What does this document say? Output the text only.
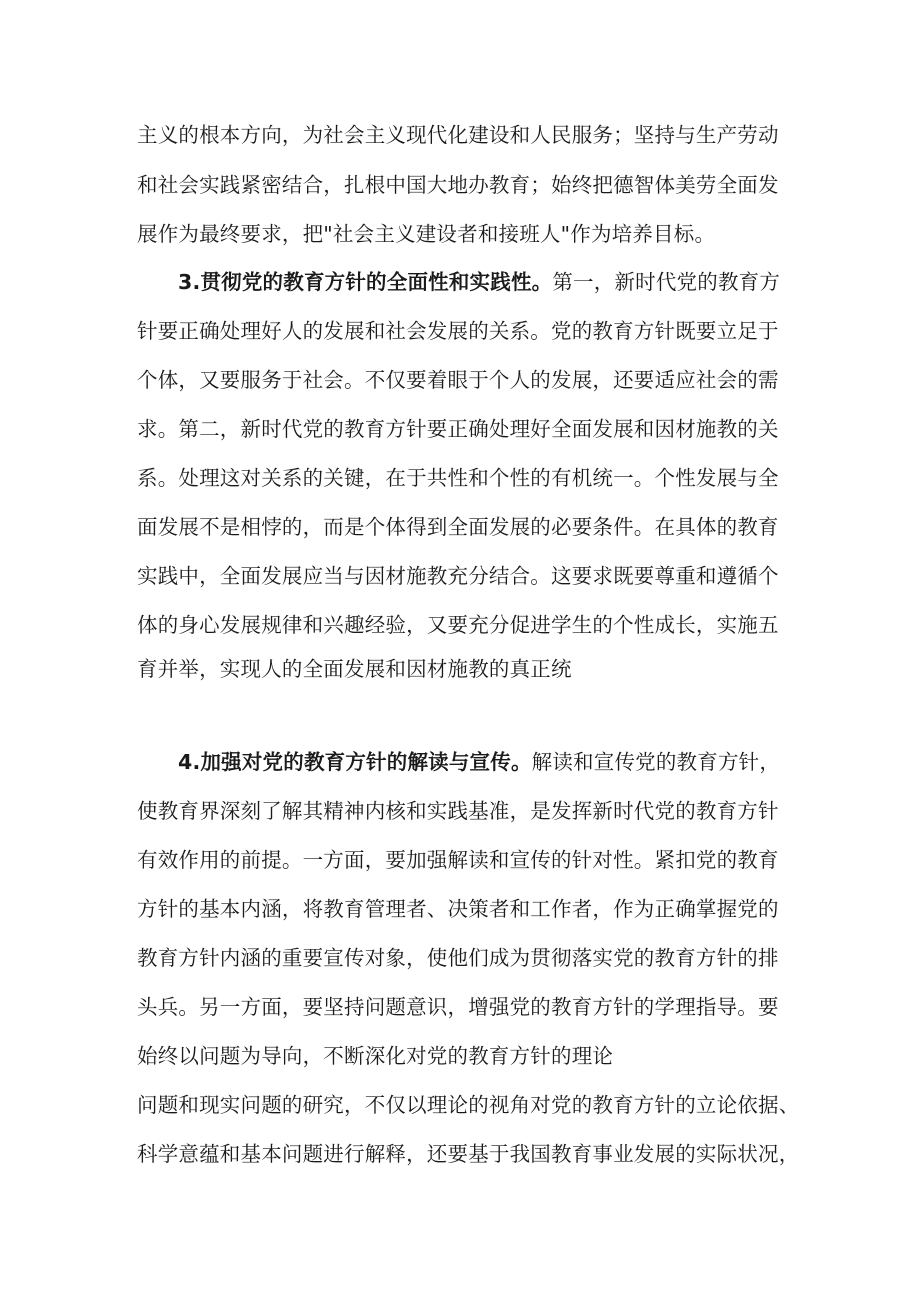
主义的根本方向，为社会主义现代化建设和人民服务；坚持与生产劳动
和社会实践紧密结合，扎根中国大地办教育；始终把德智体美劳全面发
展作为最终要求，把"社会主义建设者和接班人"作为培养目标。
3.贯彻党的教育方针的全面性和实践性。第一，新时代党的教育方
针要正确处理好人的发展和社会发展的关系。党的教育方针既要立足于
个体，又要服务于社会。不仅要着眼于个人的发展，还要适应社会的需
求。第二，新时代党的教育方针要正确处理好全面发展和因材施教的关
系。处理这对关系的关键，在于共性和个性的有机统一。个性发展与全
面发展不是相悖的，而是个体得到全面发展的必要条件。在具体的教育
实践中，全面发展应当与因材施教充分结合。这要求既要尊重和遵循个
体的身心发展规律和兴趣经验，又要充分促进学生的个性成长，实施五
育并举，实现人的全面发展和因材施教的真正统
4.加强对党的教育方针的解读与宣传。解读和宣传党的教育方针，
使教育界深刻了解其精神内核和实践基准，是发挥新时代党的教育方针
有效作用的前提。一方面，要加强解读和宣传的针对性。紧扣党的教育
方针的基本内涵，将教育管理者、决策者和工作者，作为正确掌握党的
教育方针内涵的重要宣传对象，使他们成为贯彻落实党的教育方针的排
头兵。另一方面，要坚持问题意识，增强党的教育方针的学理指导。要
始终以问题为导向，不断深化对党的教育方针的理论
问题和现实问题的研究，不仅以理论的视角对党的教育方针的立论依据、
科学意蕴和基本问题进行解释，还要基于我国教育事业发展的实际状况，
